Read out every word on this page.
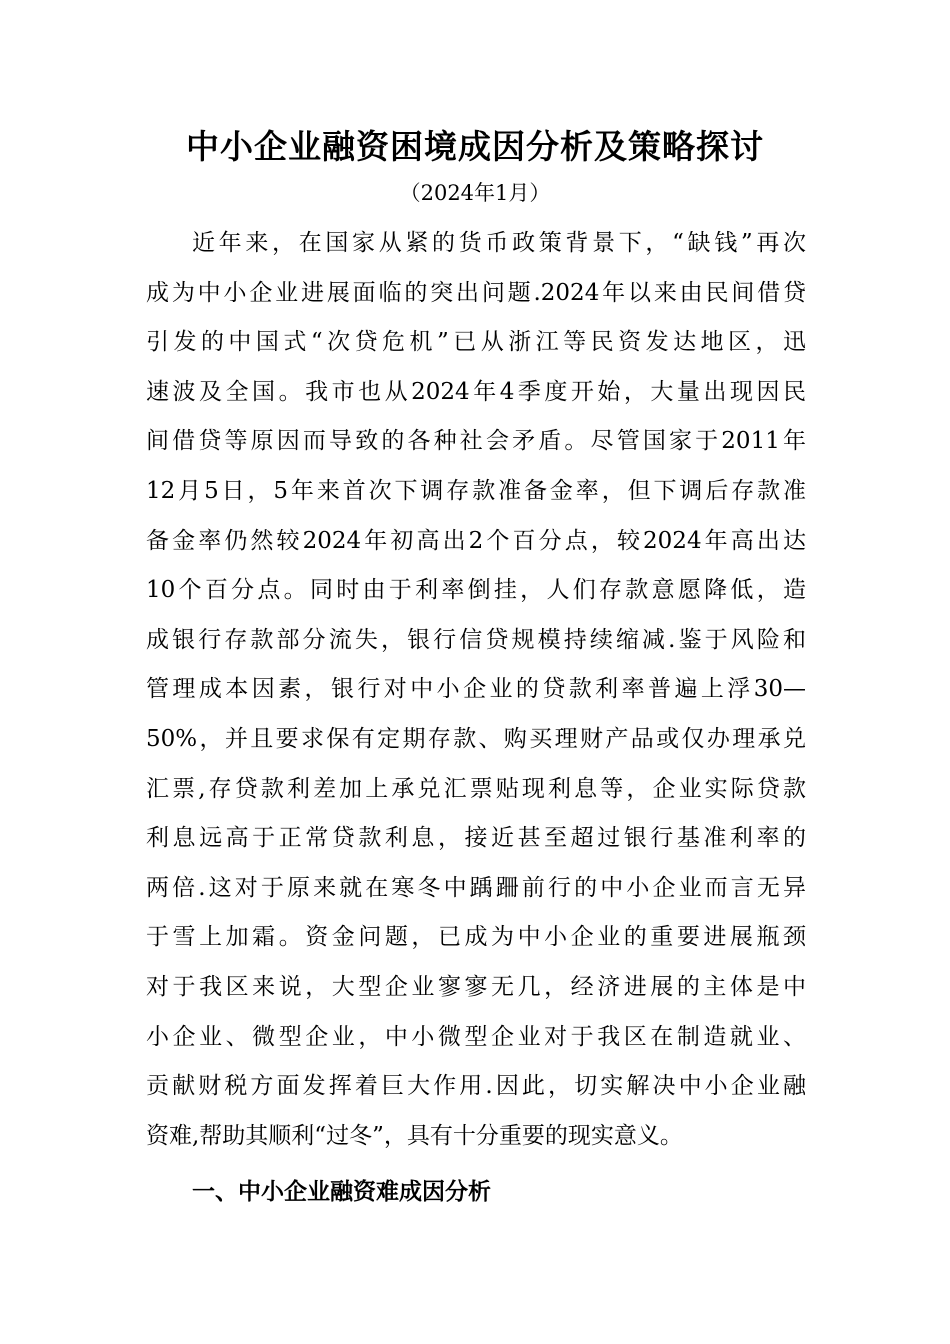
中小企业融资困境成因分析及策略探讨

（2024年1月）

近年来，在国家从紧的货币政策背景下，“缺钱”再次
成为中小企业进展面临的突出问题.2024年以来由民间借贷
引发的中国式“次贷危机”已从浙江等民资发达地区，迅
速波及全国。我市也从2024年4季度开始，大量出现因民
间借贷等原因而导致的各种社会矛盾。尽管国家于2011年
12月5日，5年来首次下调存款准备金率，但下调后存款准
备金率仍然较2024年初高出2个百分点，较2024年高出达
10个百分点。同时由于利率倒挂，人们存款意愿降低，造
成银行存款部分流失，银行信贷规模持续缩减.鉴于风险和
管理成本因素，银行对中小企业的贷款利率普遍上浮30—
50%，并且要求保有定期存款、购买理财产品或仅办理承兑
汇票,存贷款利差加上承兑汇票贴现利息等，企业实际贷款
利息远高于正常贷款利息，接近甚至超过银行基准利率的
两倍.这对于原来就在寒冬中踽跚前行的中小企业而言无异
于雪上加霜。资金问题，已成为中小企业的重要进展瓶颈
对于我区来说，大型企业寥寥无几，经济进展的主体是中
小企业、微型企业，中小微型企业对于我区在制造就业、
贡献财税方面发挥着巨大作用.因此，切实解决中小企业融
资难,帮助其顺利“过冬”，具有十分重要的现实意义。
一、中小企业融资难成因分析
